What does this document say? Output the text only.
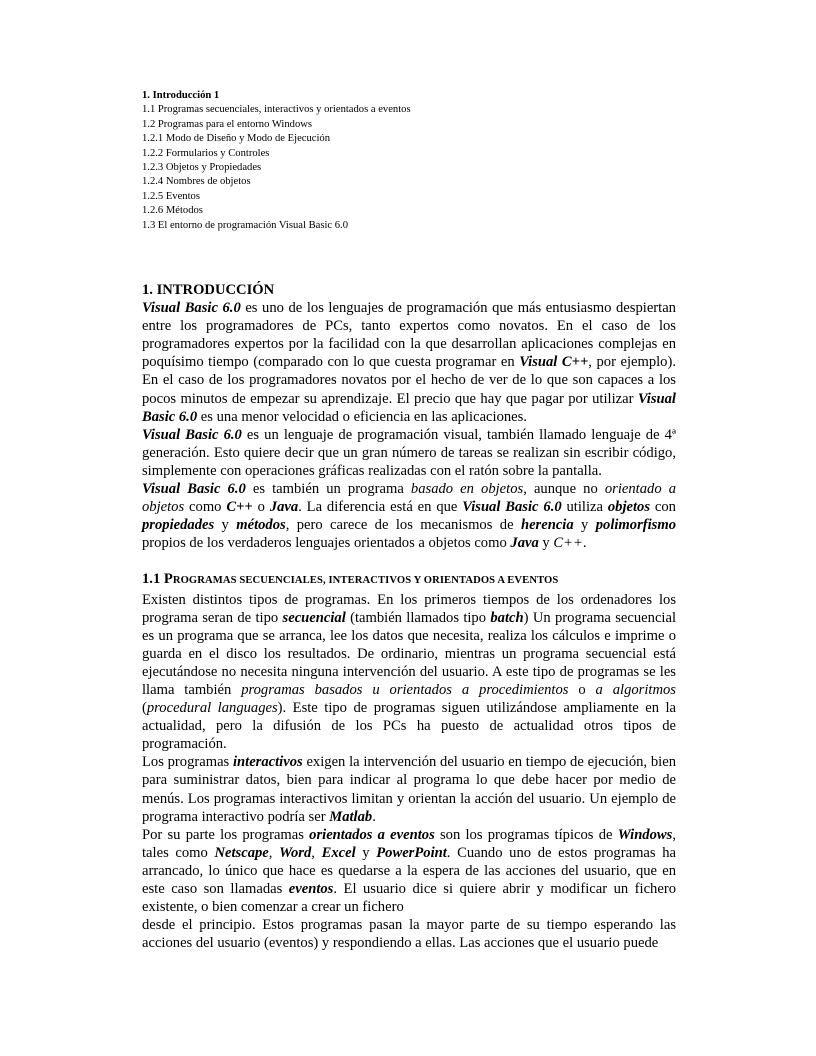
1. Introducción 1
1.1 Programas secuenciales, interactivos y orientados a eventos
1.2 Programas para el entorno Windows
1.2.1 Modo de Diseño y Modo de Ejecución
1.2.2 Formularios y Controles
1.2.3 Objetos y Propiedades
1.2.4 Nombres de objetos
1.2.5 Eventos
1.2.6 Métodos
1.3 El entorno de programación Visual Basic 6.0
1. INTRODUCCIÓN

Visual Basic 6.0 es uno de los lenguajes de programación que más entusiasmo despiertan entre los programadores de PCs, tanto expertos como novatos. En el caso de los programadores expertos por la facilidad con la que desarrollan aplicaciones complejas en poquísimo tiempo (comparado con lo que cuesta programar en Visual C++, por ejemplo). En el caso de los programadores novatos por el hecho de ver de lo que son capaces a los pocos minutos de empezar su aprendizaje. El precio que hay que pagar por utilizar Visual Basic 6.0 es una menor velocidad o eficiencia en las aplicaciones.

Visual Basic 6.0 es un lenguaje de programación visual, también llamado lenguaje de 4ª generación. Esto quiere decir que un gran número de tareas se realizan sin escribir código, simplemente con operaciones gráficas realizadas con el ratón sobre la pantalla.

Visual Basic 6.0 es también un programa basado en objetos, aunque no orientado a objetos como C++ o Java. La diferencia está en que Visual Basic 6.0 utiliza objetos con propiedades y métodos, pero carece de los mecanismos de herencia y polimorfismo propios de los verdaderos lenguajes orientados a objetos como Java y C++.

1.1 PROGRAMAS SECUENCIALES, INTERACTIVOS Y ORIENTADOS A EVENTOS

Existen distintos tipos de programas. En los primeros tiempos de los ordenadores los programa seran de tipo secuencial (también llamados tipo batch) Un programa secuencial es un programa que se arranca, lee los datos que necesita, realiza los cálculos e imprime o guarda en el disco los resultados. De ordinario, mientras un programa secuencial está ejecutándose no necesita ninguna intervención del usuario. A este tipo de programas se les llama también programas basados u orientados a procedimientos o a algoritmos (procedural languages). Este tipo de programas siguen utilizándose ampliamente en la actualidad, pero la difusión de los PCs ha puesto de actualidad otros tipos de programación.

Los programas interactivos exigen la intervención del usuario en tiempo de ejecución, bien para suministrar datos, bien para indicar al programa lo que debe hacer por medio de menús. Los programas interactivos limitan y orientan la acción del usuario. Un ejemplo de programa interactivo podría ser Matlab.

Por su parte los programas orientados a eventos son los programas típicos de Windows, tales como Netscape, Word, Excel y PowerPoint. Cuando uno de estos programas ha arrancado, lo único que hace es quedarse a la espera de las acciones del usuario, que en este caso son llamadas eventos. El usuario dice si quiere abrir y modificar un fichero existente, o bien comenzar a crear un fichero

desde el principio. Estos programas pasan la mayor parte de su tiempo esperando las acciones del usuario (eventos) y respondiendo a ellas. Las acciones que el usuario puede
